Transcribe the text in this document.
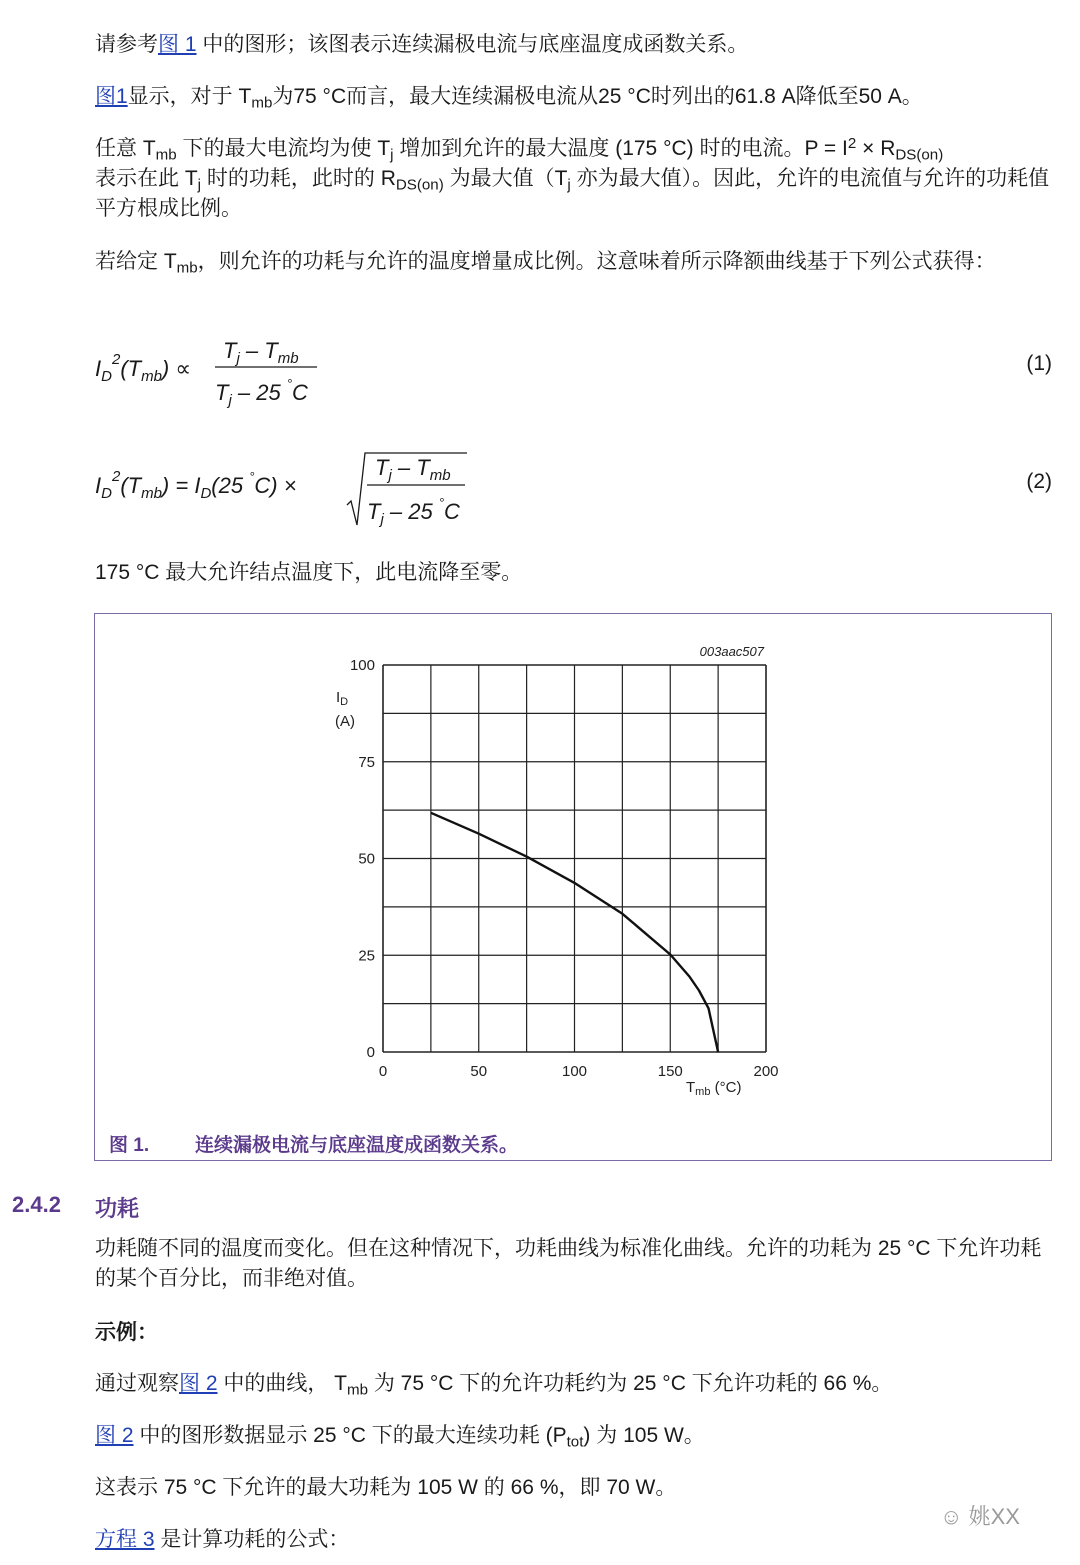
请参考图 1 中的图形；该图表示连续漏极电流与底座温度成函数关系。

图1显示，对于 $T_{mb}$为75 °C而言，最大连续漏极电流从25 °C时列出的61.8 A降低至50 A。

任意 $T_{mb}$ 下的最大电流均为使 $T_j$ 增加到允许的最大温度 (175 °C) 时的电流。$P = I^2 \times R_{DS(on)}$
表示在此 $T_j$ 时的功耗，此时的 $R_{DS(on)}$ 为最大值（$T_j$ 亦为最大值）。因此，允许的电流值与允许的功耗值平方根成比例。

若给定 $T_{mb}$，则允许的功耗与允许的温度增量成比例。这意味着所示降额曲线基于下列公式获得：

$I_D^2(T_{mb})$ ∝
$T_j - T_{mb}$
$T_j - 25$ °C
(1)
$I_D^2(T_{mb}) = I_D(25$ °C) ×
$T_j - T_{mb}$
$T_j - 25$ °C
(2)

175 °C 最大允许结点温度下，此电流降至零。

0	50	100	150	200
0
25
50
75
100
$I_D$
(A)
$T_{mb}$ (°C)
003aac507
图 1. 连续漏极电流与底座温度成函数关系。
2.4.2 功耗

功耗随不同的温度而变化。但在这种情况下，功耗曲线为标准化曲线。允许的功耗为 25 °C 下允许功耗的某个百分比，而非绝对值。

示例：

通过观察图 2 中的曲线， $T_{mb}$ 为 75 °C 下的允许功耗约为 25 °C 下允许功耗的 66 %。

图 2 中的图形数据显示 25 °C 下的最大连续功耗 $(P_{tot})$ 为 105 W。

这表示 75 °C 下允许的最大功耗为 105 W 的 66 %，即 70 W。

方程 3 是计算功耗的公式：

☺ 姚XX
